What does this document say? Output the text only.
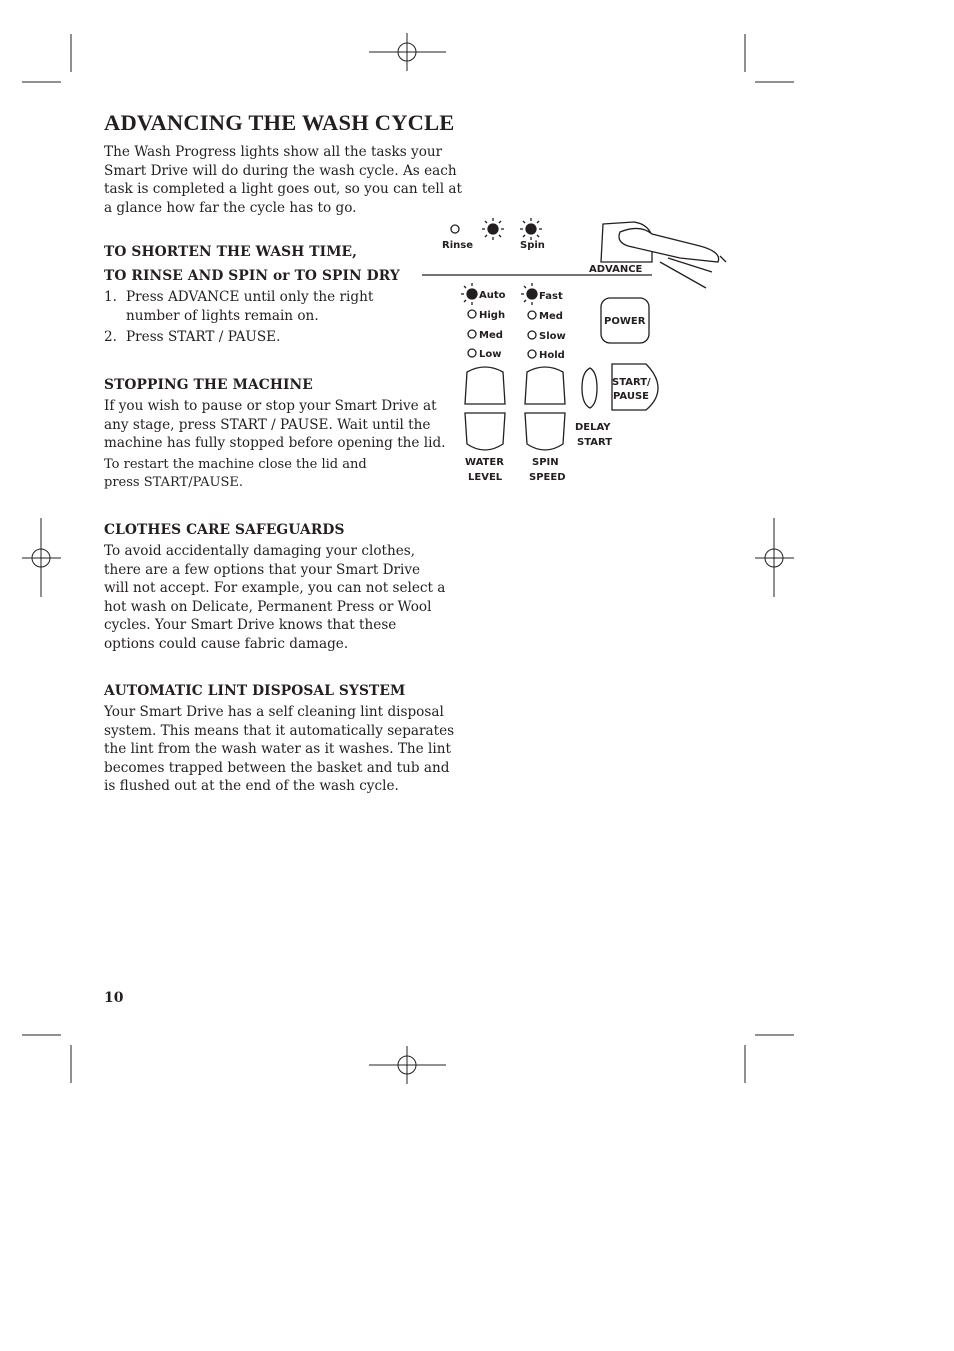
ADVANCING THE WASH CYCLE

The Wash Progress lights show all the tasks your Smart Drive will do during the wash cycle. As each task is completed a light goes out, so you can tell at a glance how far the cycle has to go.

TO SHORTEN THE WASH TIME,
TO RINSE AND SPIN or TO SPIN DRY
1. Press ADVANCE until only the right number of lights remain on.
2. Press START / PAUSE.
STOPPING THE MACHINE

If you wish to pause or stop your Smart Drive at any stage, press START / PAUSE. Wait until the machine has fully stopped before opening the lid.

To restart the machine close the lid and press START/PAUSE.

CLOTHES CARE SAFEGUARDS

To avoid accidentally damaging your clothes, there are a few options that your Smart Drive will not accept. For example, you can not select a hot wash on Delicate, Permanent Press or Wool cycles. Your Smart Drive knows that these options could cause fabric damage.

AUTOMATIC LINT DISPOSAL SYSTEM

Your Smart Drive has a self cleaning lint disposal system. This means that it automatically separates the lint from the wash water as it washes. The lint becomes trapped between the basket and tub and is flushed out at the end of the wash cycle.

10
Rinse	Spin
ADVANCE
Auto
High
Med
Low
Fast
Med
Slow
Hold
POWER
START/
PAUSE
DELAY
START
WATER
LEVEL
SPIN
SPEED
